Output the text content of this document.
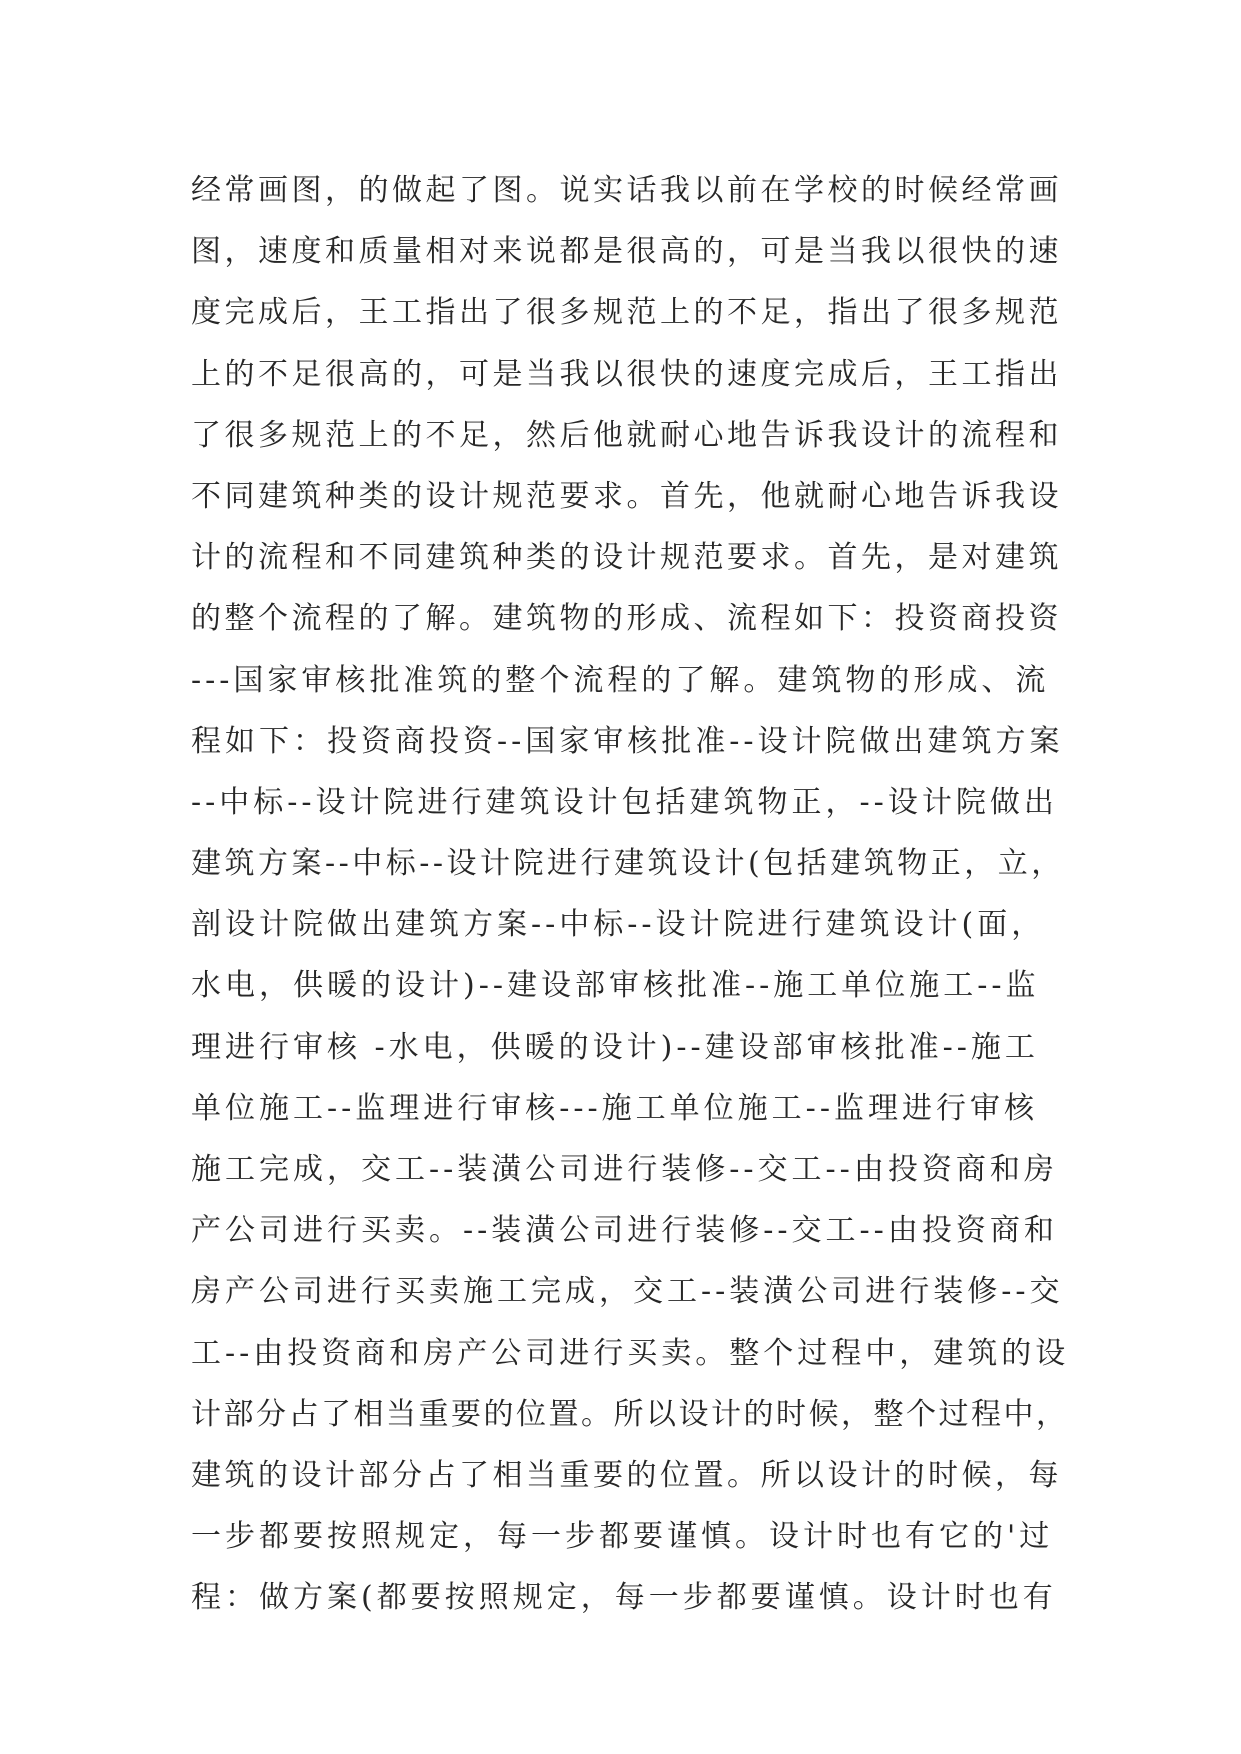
经常画图，的做起了图。说实话我以前在学校的时候经常画
图，速度和质量相对来说都是很高的，可是当我以很快的速
度完成后，王工指出了很多规范上的不足，指出了很多规范
上的不足很高的，可是当我以很快的速度完成后，王工指出
了很多规范上的不足，然后他就耐心地告诉我设计的流程和
不同建筑种类的设计规范要求。首先，他就耐心地告诉我设
计的流程和不同建筑种类的设计规范要求。首先，是对建筑
的整个流程的了解。建筑物的形成、流程如下：投资商投资
---国家审核批准筑的整个流程的了解。建筑物的形成、流
程如下：投资商投资--国家审核批准--设计院做出建筑方案
--中标--设计院进行建筑设计包括建筑物正，--设计院做出
建筑方案--中标--设计院进行建筑设计(包括建筑物正，立，
剖设计院做出建筑方案--中标--设计院进行建筑设计(面，
水电，供暖的设计)--建设部审核批准--施工单位施工--监
理进行审核 -水电，供暖的设计)--建设部审核批准--施工
单位施工--监理进行审核---施工单位施工--监理进行审核
施工完成，交工--装潢公司进行装修--交工--由投资商和房
产公司进行买卖。--装潢公司进行装修--交工--由投资商和
房产公司进行买卖施工完成，交工--装潢公司进行装修--交
工--由投资商和房产公司进行买卖。整个过程中，建筑的设
计部分占了相当重要的位置。所以设计的时候，整个过程中，
建筑的设计部分占了相当重要的位置。所以设计的时候，每
一步都要按照规定，每一步都要谨慎。设计时也有它的'过
程：做方案(都要按照规定，每一步都要谨慎。设计时也有
